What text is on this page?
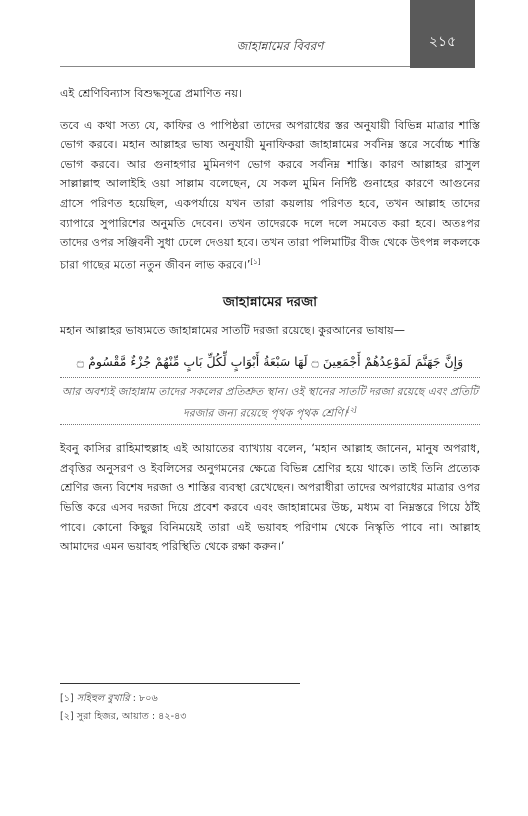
জাহান্নামের বিবরণ	২১৫

এই শ্রেণিবিন্যাস বিশুদ্ধসূত্রে প্রমাণিত নয়।

তবে এ কথা সত্য যে, কাফির ও পাপিষ্ঠরা তাদের অপরাধের স্তর অনুযায়ী বিভিন্ন মাত্রার শাস্তি ভোগ করবে। মহান আল্লাহর ভাষ্য অনুযায়ী মুনাফিকরা জাহান্নামের সর্বনিম্ন স্তরে সর্বোচ্চ শাস্তি ভোগ করবে। আর গুনাহগার মুমিনগণ ভোগ করবে সর্বনিম্ন শাস্তি। কারণ আল্লাহর রাসুল সাল্লাল্লাহু আলাইহি ওয়া সাল্লাম বলেছেন, যে সকল মুমিন নির্দিষ্ট গুনাহের কারণে আগুনের গ্রাসে পরিণত হয়েছিল, একপর্যায়ে যখন তারা কয়লায় পরিণত হবে, তখন আল্লাহ তাদের ব্যাপারে সুপারিশের অনুমতি দেবেন। তখন তাদেরকে দলে দলে সমবেত করা হবে। অতঃপর তাদের ওপর সঞ্জিবনী সুধা ঢেলে দেওয়া হবে। তখন তারা পলিমাটির বীজ থেকে উৎপন্ন লকলকে চারা গাছের মতো নতুন জীবন লাভ করবে।’[১]

জাহান্নামের দরজা

মহান আল্লাহর ভাষ্যমতে জাহান্নামের সাতটি দরজা রয়েছে। কুরআনের ভাষায়—

وَإِنَّ جَهَنَّمَ لَمَوْعِدُهُمْ أَجْمَعِينَ ۝ لَهَا سَبْعَةُ أَبْوَابٍ لِّكُلِّ بَابٍ مِّنْهُمْ جُزْءٌ مَّقْسُومٌ ۝
আর অবশ্যই জাহান্নাম তাদের সকলের প্রতিশ্রুত স্থান। ওই স্থানের সাতটি দরজা রয়েছে এবং প্রতিটি দরজার জন্য রয়েছে পৃথক পৃথক শ্রেণি।[২]

ইবনু কাসির রাহিমাহুল্লাহ এই আয়াতের ব্যাখ্যায় বলেন, ‘মহান আল্লাহ জানেন, মানুষ অপরাধ, প্রবৃত্তির অনুসরণ ও ইবলিসের অনুগমনের ক্ষেত্রে বিভিন্ন শ্রেণির হয়ে থাকে। তাই তিনি প্রত্যেক শ্রেণির জন্য বিশেষ দরজা ও শাস্তির ব্যবস্থা রেখেছেন। অপরাধীরা তাদের অপরাধের মাত্রার ওপর ভিত্তি করে এসব দরজা দিয়ে প্রবেশ করবে এবং জাহান্নামের উচ্চ, মধ্যম বা নিম্নস্তরে গিয়ে ঠাঁই পাবে। কোনো কিছুর বিনিময়েই তারা এই ভয়াবহ পরিণাম থেকে নিস্কৃতি পাবে না। আল্লাহ আমাদের এমন ভয়াবহ পরিস্থিতি থেকে রক্ষা করুন।’

[১] সহিহুল বুখারি : ৮০৬
[২] সুরা হিজর, আয়াত : ৪২-৪৩
